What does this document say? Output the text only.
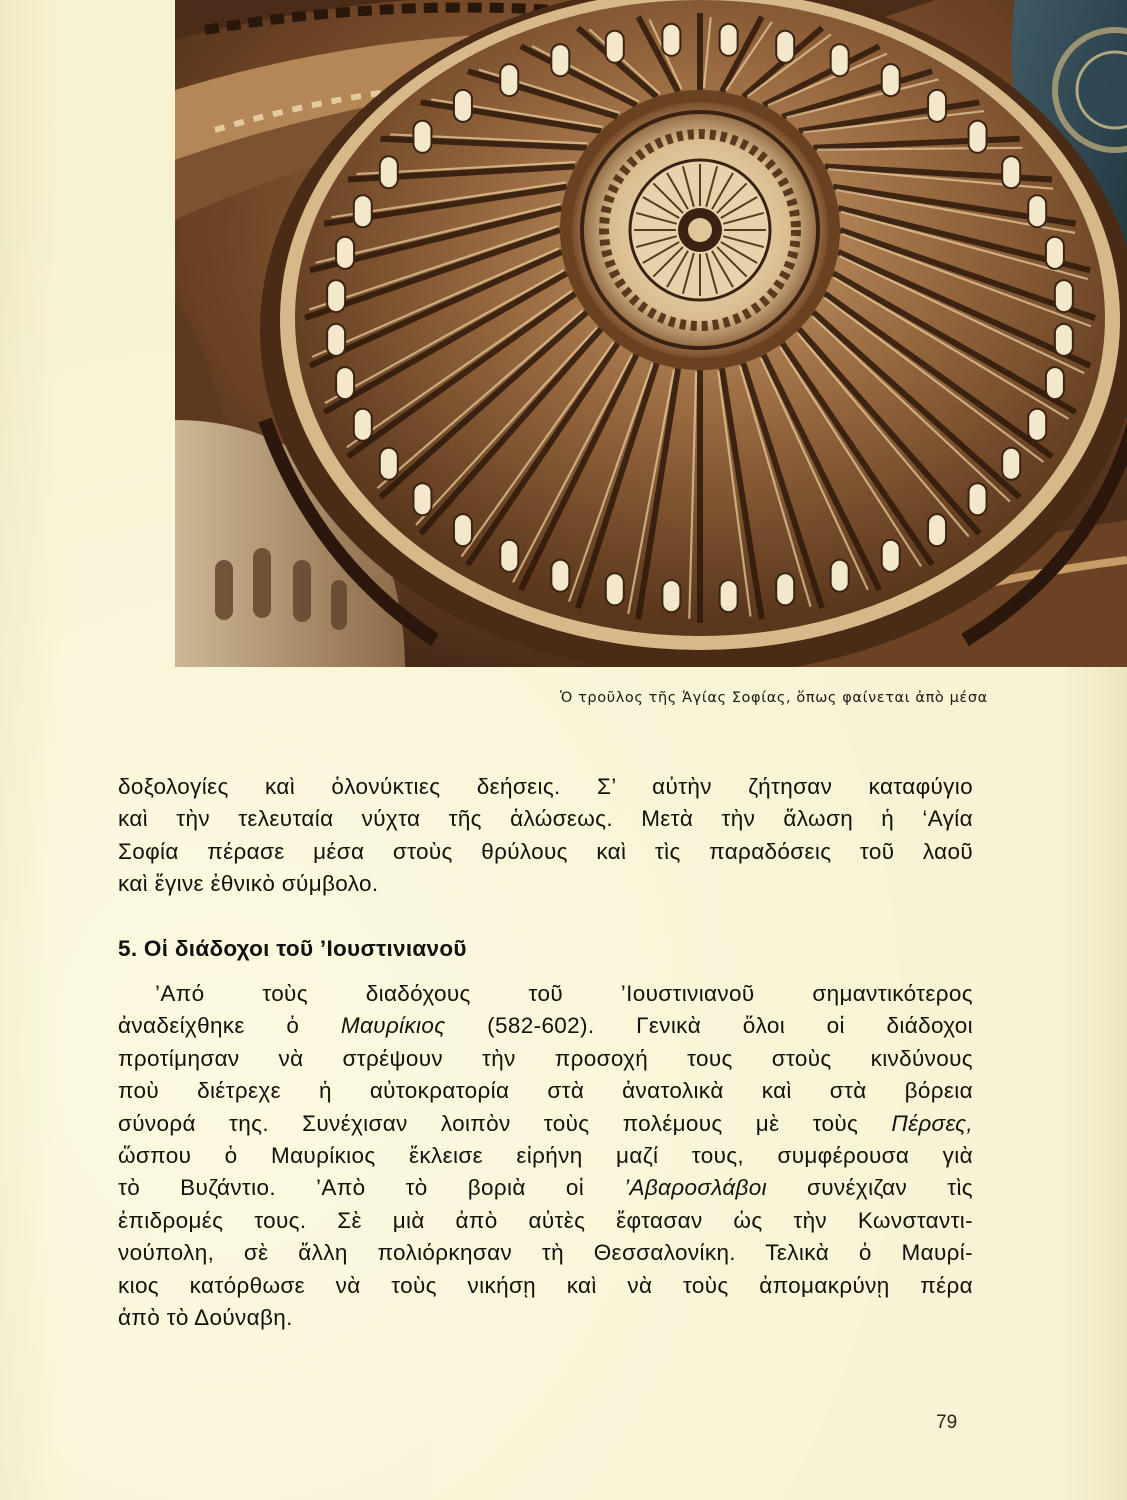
Ὁ τροῦλος τῆς Ἁγίας Σοφίας, ὅπως φαίνεται ἀπὸ μέσα
δοξολογίες καὶ ὁλονύκτιες δεήσεις. Σ’ αὐτὴν ζήτησαν καταφύγιο
καὶ τὴν τελευταία νύχτα τῆς ἁλώσεως. Μετὰ τὴν ἅλωση ἡ ‘Αγία
Σοφία πέρασε μέσα στοὺς θρύλους καὶ τὶς παραδόσεις τοῦ λαοῦ
καὶ ἔγινε ἐθνικὸ σύμβολο.
5. Οἱ διάδοχοι τοῦ ’Ιουστινιανοῦ
’Από τοὺς διαδόχους τοῦ ’Ιουστινιανοῦ σημαντικότερος
ἀναδείχθηκε ὁ Μαυρίκιος (582-602). Γενικὰ ὅλοι οἱ διάδοχοι
προτίμησαν νὰ στρέψουν τὴν προσοχή τους στοὺς κινδύνους
ποὺ διέτρεχε ἡ αὐτοκρατορία στὰ ἀνατολικὰ καὶ στὰ βόρεια
σύνορά της. Συνέχισαν λοιπὸν τοὺς πολέμους μὲ τοὺς Πέρσες,
ὥσπου ὁ Μαυρίκιος ἔκλεισε εἰρήνη μαζί τους, συμφέρουσα γιὰ
τὸ Βυζάντιο. ’Απὸ τὸ βοριὰ οἱ ’Αβαροσλάβοι συνέχιζαν τὶς
ἐπιδρομές τους. Σὲ μιὰ ἀπὸ αὐτὲς ἔφτασαν ὡς τὴν Κωνσταντι-
νούπολη, σὲ ἄλλη πολιόρκησαν τὴ Θεσσαλονίκη. Τελικὰ ὁ Μαυρί-
κιος κατόρθωσε νὰ τοὺς νικήσῃ καὶ νὰ τοὺς ἀπομακρύνῃ πέρα
ἀπὸ τὸ Δούναβη.
79
